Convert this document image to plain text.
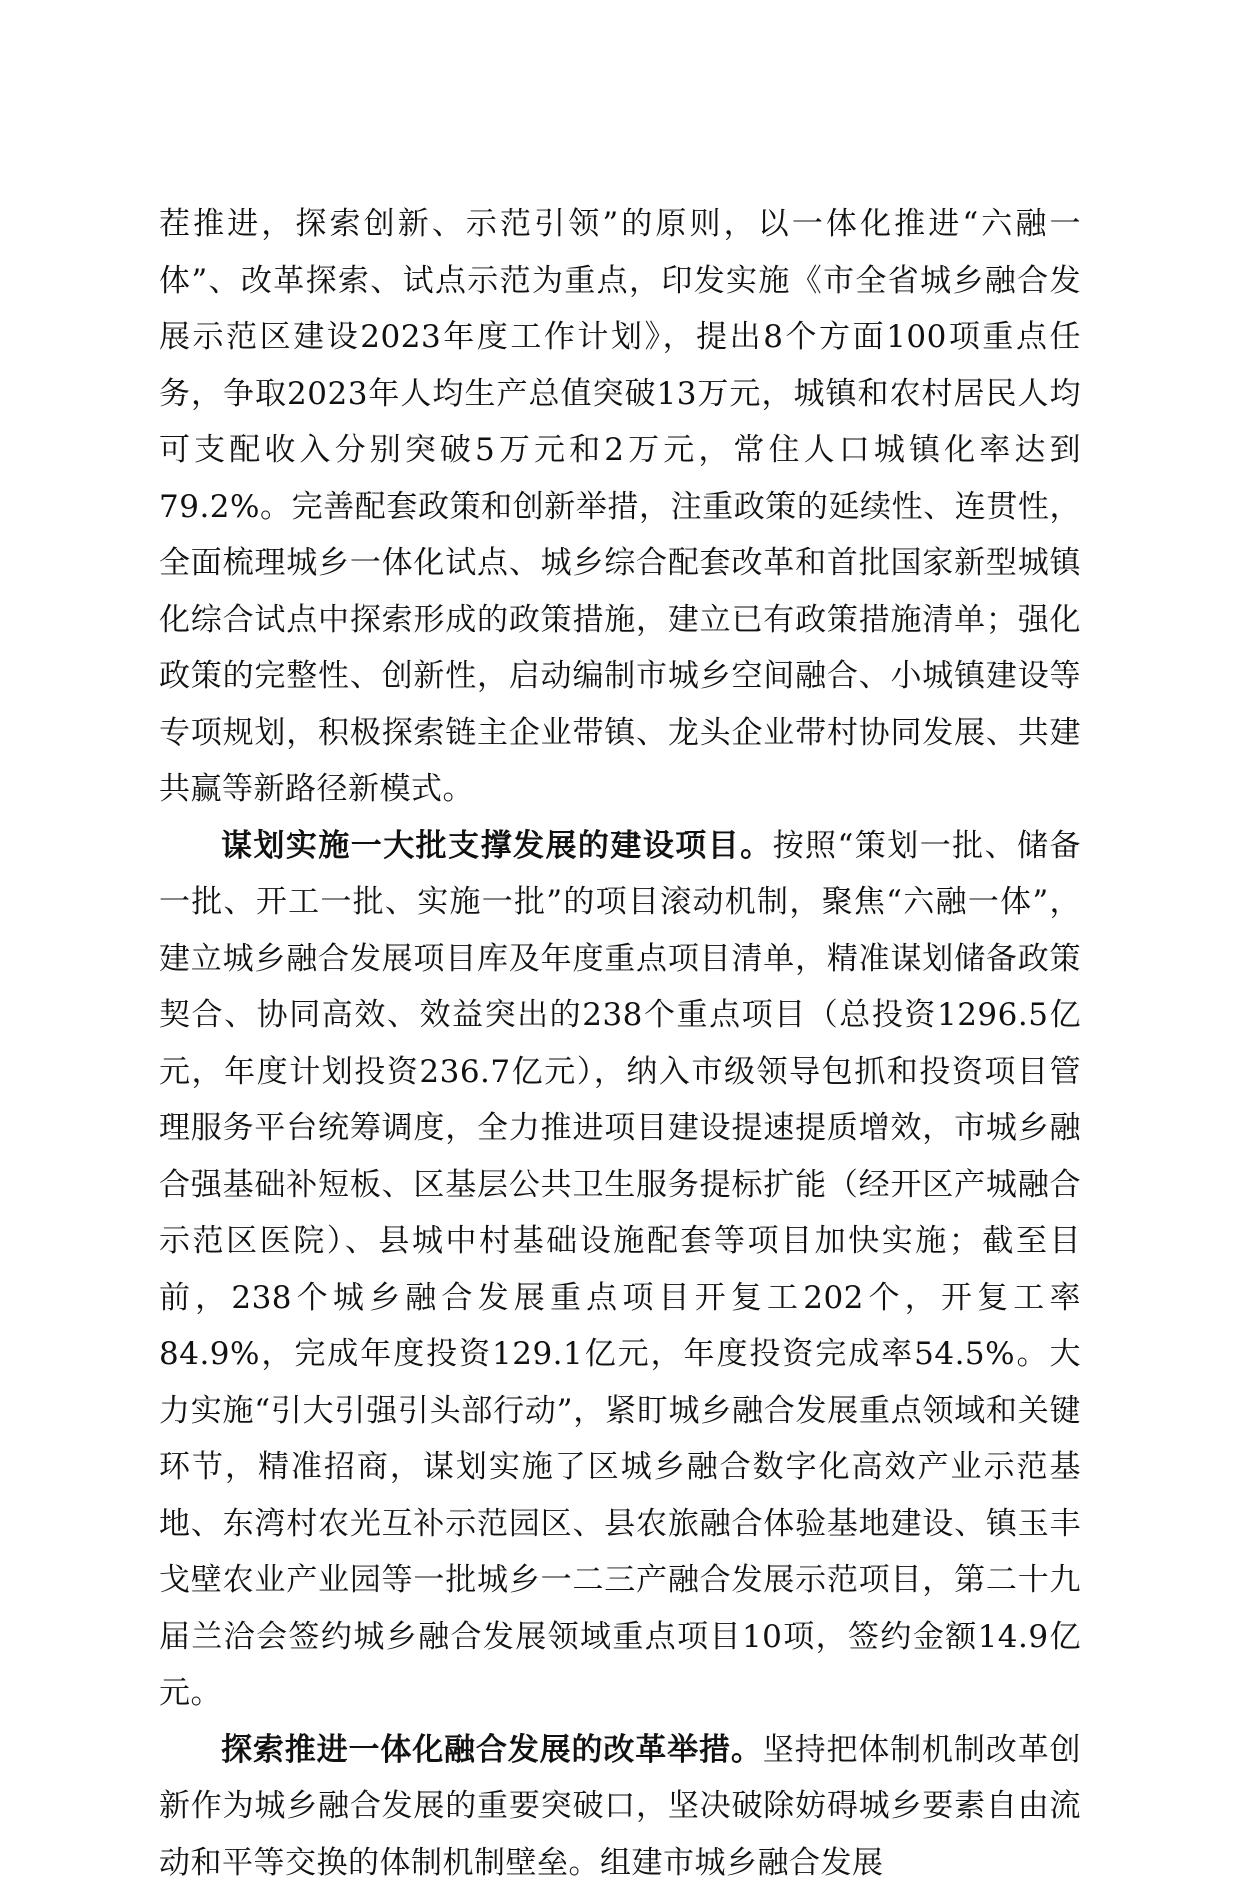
茬推进，探索创新、示范引领”的原则，以一体化推进“六融一体”、改革探索、试点示范为重点，印发实施《市全省城乡融合发展示范区建设2023年度工作计划》，提出8个方面100项重点任务，争取2023年人均生产总值突破13万元，城镇和农村居民人均可支配收入分别突破5万元和2万元，常住人口城镇化率达到79.2%。完善配套政策和创新举措，注重政策的延续性、连贯性，全面梳理城乡一体化试点、城乡综合配套改革和首批国家新型城镇化综合试点中探索形成的政策措施，建立已有政策措施清单；强化政策的完整性、创新性，启动编制市城乡空间融合、小城镇建设等专项规划，积极探索链主企业带镇、龙头企业带村协同发展、共建共赢等新路径新模式。

谋划实施一大批支撑发展的建设项目。按照“策划一批、储备一批、开工一批、实施一批”的项目滚动机制，聚焦“六融一体”，建立城乡融合发展项目库及年度重点项目清单，精准谋划储备政策契合、协同高效、效益突出的238个重点项目（总投资1296.5亿元，年度计划投资236.7亿元），纳入市级领导包抓和投资项目管理服务平台统筹调度，全力推进项目建设提速提质增效，市城乡融合强基础补短板、区基层公共卫生服务提标扩能（经开区产城融合示范区医院）、县城中村基础设施配套等项目加快实施；截至目前，238个城乡融合发展重点项目开复工202个，开复工率84.9%，完成年度投资129.1亿元，年度投资完成率54.5%。大力实施“引大引强引头部行动”，紧盯城乡融合发展重点领域和关键环节，精准招商，谋划实施了区城乡融合数字化高效产业示范基地、东湾村农光互补示范园区、县农旅融合体验基地建设、镇玉丰戈壁农业产业园等一批城乡一二三产融合发展示范项目，第二十九届兰洽会签约城乡融合发展领域重点项目10项，签约金额14.9亿元。

探索推进一体化融合发展的改革举措。坚持把体制机制改革创新作为城乡融合发展的重要突破口，坚决破除妨碍城乡要素自由流动和平等交换的体制机制壁垒。组建市城乡融合发展
